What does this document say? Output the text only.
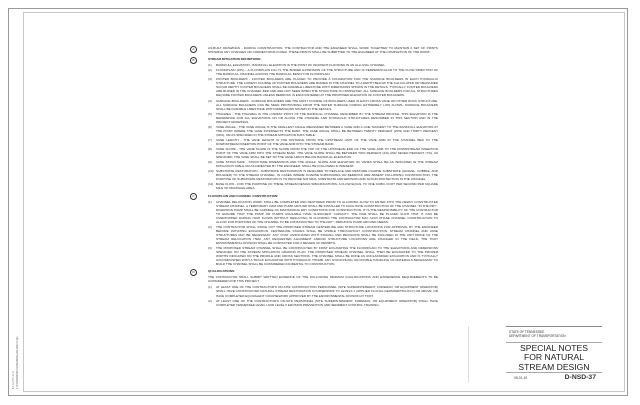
8-7-19 2:57 10:17 F:\STDDRAWINGS\STREAM\Sheet\D-NSD-37.dgn
A	AS-BUILT DRAWINGS - DURING CONSTRUCTION, THE CONTRACTOR AND THE ENGINEER SHALL WORK TOGETHER TO MAINTAIN A SET OF PRINTS SHOWING ANY CHANGES OR CORRECTIONS IN RED. THESE PRINTS SHALL BE SUBMITTED TO THE ENGINEER AT THE COMPLETION OF THE WORK.
B	STREAM MITIGATION DEFINITIONS:
(1) BANKFULL ELEVATION - BANKFULL ELEVATION IS THE POINT OF INCIPIENT FLOODING IN AN ALLUVIAL CHANNEL.
(2) FLOODPLAIN (FPL) - A FLOODPLAIN FILL IS THE BURIED EXTENSION OF THE STRUCTURE AND IS PERPENDICULAR TO THE FLOW DIRECTION OF THE BANKFULL CHANNEL ACROSS THE BANKFULL BENCH OR FLOODPLAIN.
(3) FOOTER BOULDERS - FOOTER BOULDERS ARE PLACED TO PROVIDE A FOUNDATION FOR THE SURFACE BOULDERS IN EACH HYDRAULIC STRUCTURE. THE LOWEST COURSE OF FOOTER BOULDERS ARE BURIED IN THE CHANNEL TO A DEPTH BELOW THE CALCULATED OR MEASURED SCOUR DEPTH. FOOTER BOULDERS SHALL BE DURABLE LIMESTONE WITH DIMENSIONS SHOWN IN THE DETAILS. TYPICALLY, FOOTER BOULDERS ARE BURIED IN THE CHANNEL BED AND ARE NOT SEEN WHEN THE STRUCTURE IS COMPLETED. ALL SURFACE BOULDERS FOR ALL STRUCTURES REQUIRE FOOTER BOULDERS UNLESS BEDROCK IS ENCOUNTERED AT THE PROPOSED ELEVATION OF FOOTER BOULDERS.
(4) SURFACE BOULDERS - SURFACE BOULDERS ARE THE MOST COURSE OF BOULDERS USED IN EACH CROSS VANE OR OTHER ROCK STRUCTURE. ALL SURFACE BOULDERS CAN BE SEEN PROTRUDING FROM THE WATER SURFACE DURING EXTREMELY LOW FLOWS. SURFACE BOULDERS SHALL BE DURABLE LIMESTONE WITH DIMENSIONS SHOWN IN THE DETAILS.
(5) THALWEG - THE THALWEG IS THE LOWEST POINT OF THE BANKFULL CHANNEL DESCRIBED BY THE STREAM PROFILE. THIS ELEVATION IS THE REFERENCE FOR ALL ELEVATIONS ON OR ALONG THE CHANNEL AND HYDRAULIC STRUCTURES DESCRIBED IN THIS SECTION AND IN THE PROJECT DRAWINGS.
(6) VANE ANGLE - THE VANE ANGLE IS THE SMALLEST ANGLE MEASURED BETWEEN A VANE AND A LINE TANGENT TO THE BANKFULL ELEVATION AT THE POINT WHERE THE VANE INTERSECTS THE BANK. THE VANE ANGLE SHALL BE BETWEEN TWENTY PERCENT (20%) AND THIRTY PERCENT (30%), OR AS SPECIFIED IN THE STREAM MITIGATION DATA TABLE.
(7) VANE LENGTH - THE VANE LENGTH IS THE DISTANCE FROM THE UPSTREAM LIMIT OF THE VANE ARM AT THE CHANNEL BED TO THE DOWNSTREAM INSERTION POINT OF THE VANE ARM INTO THE STREAM BANK.
(8) VANE SLOPE - THE VANE SLOPE IS THE SLOPE FROM THE TOP OF THE UPSTREAM END OF THE VANE ARM TO THE DOWNSTREAM INSERTION POINT OF THE VANE ARM INTO THE STREAM BANK. THE VANE SLOPE SHALL BE BETWEEN TWO PERCENT (2%) AND SEVEN PERCENT (7%), AS SPECIFIED. THE VANE SHALL BE SET SO THE VANE ARM IS BELOW BANKFULL ELEVATION.
(9) VANE STRUCTURE - STRUCTURE DIMENSIONS AND THE ANGLE, SLOPE AND ELEVATION OF VANES SHALL BE AS INDICATED IN THE STREAM MITIGATION TABLE OR AS DIRECTED BY THE ENGINEER. SHALL BE FOLLOWED IF PRESENT.
(10) SUBSTRATE RESTORATION - SUBSTRATE RESTORATION IS DESIGNED TO REPLACE AND RESTORE COARSE SUBSTRATE (GRAVEL, COBBLE, AND BOULDER) TO THE STREAM CHANNEL. IN CASES WHERE COARSE SUBSTRATES OR BEDROCK ARE ABSENT FOLLOWING CONSTRUCTION, THE PURPOSE OF SUBSTRATE RESTORATION IS TO PROVIDE NATURAL SUBSTRATE AND EROSION AND SCOUR PROTECTION IN THE CHANNEL.
(11) BASE FLOW - FOR THE PURPOSE OF THESE STREAM DESIGN SPECIFICATIONS, A FLOW EQUAL TO ONE CUBIC FOOT PER SECOND PER SQUARE MILE OF DRAINAGE AREA.
C	FLOODPLAIN AND CHANNEL CONSTRUCTION:
(1) CHANNEL RELOCATION WORK SHALL BE COMPLETED AND RESTORED PRIOR TO ALLOWING FLOW TO ENTER INTO THE NEWLY CONSTRUCTED STREAM CHANNEL. A TEMPORARY DAM AND PUMP AROUND SHALL BE INSTALLED TO FACILITATE CONSTRUCTION OF THE CHANNEL "IN THE DRY". DIVERSION PUMP SHALL BE CAPABLE OF MAINTAINING DRY CONDITIONS FOR CONSTRUCTION. IT IS THE RESPONSIBILITY OF THE CONTRACTOR TO ENSURE THAT THE PUMP OR PUMPS AVAILABLE HAVE SUFFICIENT CAPACITY. THE DAM SHALL BE PLACED SUCH THAT IT CAN BE OVERTOPPED DURING HIGH FLOWS WITHOUT RESULTING IN FLOODING THE CONTRACTOR MAY ALSO PHASE CHANNEL CONSTRUCTION TO ALLOW FOR PORTIONS OF THE CHANNEL TO BE CONSTRUCTED "IN THE DRY", REDUCING PUMP-AROUND NEEDS.
(2) THE CONTRACTOR SHALL STAKE OUT THE PROPOSED STREAM CENTERLINE AND STRUCTURE LOCATIONS FOR APPROVAL BY THE ENGINEER BEFORE INITIATING EXCAVATION. CENTERLINE STAKES SHALL BE VISIBLE THROUGHOUT CONSTRUCTION. STREAM CHANNEL AND VANE STRUCTURES MAY BE NECESSARY. ANY COST ASSOCIATED WITH STAKING AND REVISIONS SHALL BE INCLUDED IN THE UNIT PRICE OF THE STREAM RELOCATION ITEM. ANY REQUESTED ALIGNMENT AND/OR STRUCTURE LOCATIONS ARE CHANGED IN THE FIELD, THE TDOT ENVIRONMENTAL DIVISION SHALL BE CONTACTED FOR A REVIEW OF PERMITS.
(3) THE PROPOSED STREAM CHANNEL SHALL BE CONSTRUCTED BY FIRST EXCAVATING THE FLOODPLAIN TO THE ELEVATIONS AND DIMENSIONS SPECIFIED ON THE STREAM MITIGATION GRADING PLAN. THE PROPOSED STREAM CHANNEL SHALL THEN BE EXCAVATED TO THE PROPER WIDTHS INDICATED ON THE PROFILE AND CROSS SECTIONS. THE CHANNEL SHALL BE DONE AS UNCLASSIFIED EXCAVATION AND IS TYPICALLY ACCOMPLISHED WITH A TRACK EXCAVATOR WITH HYDRAULIC THUMB. ANY STOCKPILING OR DOUBLE HANDLING OF MATERIALS NECESSARY TO BUILD THE CHANNEL SHALL BE CONSIDERED INCIDENTAL TO CONSTRUCTION.
D	QUALIFICATIONS:
THE CONTRACTOR SHALL SUBMIT WRITTEN EVIDENCE OF THE FOLLOWING MINIMUM QUALIFICATIONS AND EXPERIENCE REQUIREMENTS TO BE CONSIDERED FOR THIS PROJECT.
(1) AT LEAST ONE OF THE CONTRACTOR'S ON-SITE CONSTRUCTION PERSONNEL (SITE SUPERINTENDENT, FOREMAN, OR EQUIPMENT OPERATOR) SHALL HAVE CONSTRUCTED NATURAL STREAM RESTORATION COURSEWORK TO LEVELS 1 (APPLIED FLUVIAL GEOMORPHOLOGY) OR ABOVE, OR HAVE COMPLETED EQUIVALENT COURSEWORK APPROVED BY THE ENVIRONMENTAL DIVISION AT TDOT.
(2) AT LEAST ONE OF THE CONTRACTOR'S ON-SITE PERSONNEL (SITE SUPERINTENDENT, FOREMAN, OR EQUIPMENT OPERATOR) SHALL HAVE COMPLETED TENNESSEE LEVEL I AND LEVEL II EROSION PREVENTION AND SEDIMENT CONTROL TRAINING.
STATE OF TENNESSEE
DEPARTMENT OF TRANSPORTATION
SPECIAL NOTES
FOR NATURAL
STREAM DESIGN
09-01-19	D-NSD-37
